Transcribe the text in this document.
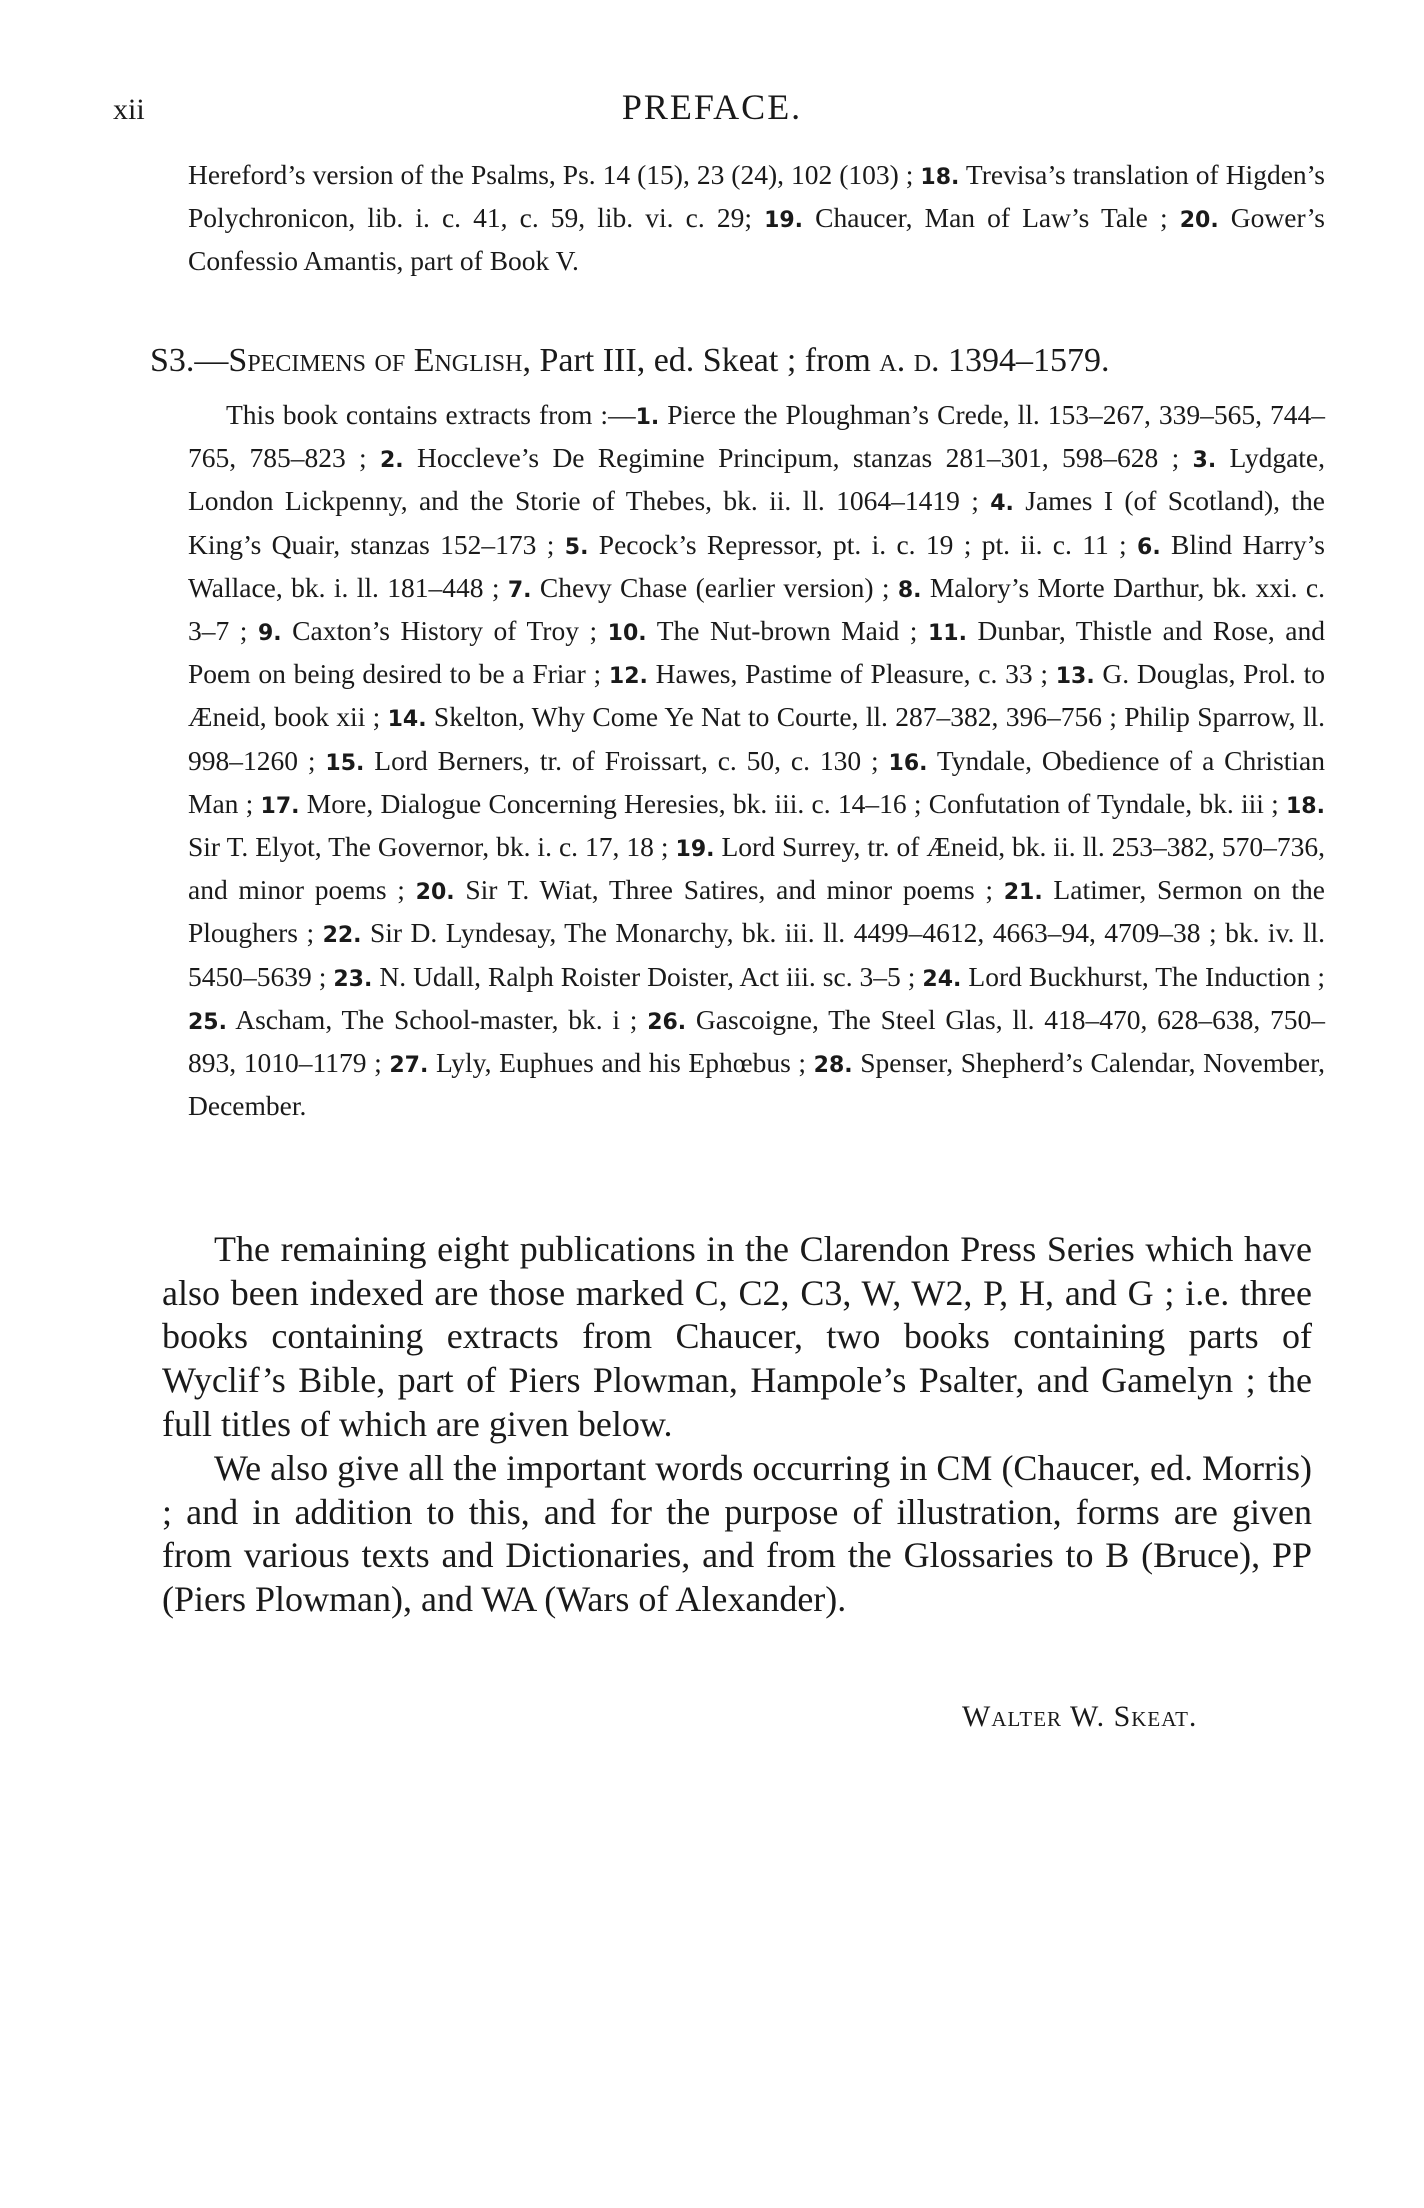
xii	PREFACE.
Hereford’s version of the Psalms, Ps. 14 (15), 23 (24), 102 (103) ; 18. Trevisa’s translation of Higden’s Polychronicon, lib. i. c. 41, c. 59, lib. vi. c. 29; 19. Chaucer, Man of Law’s Tale ; 20. Gower’s Confessio Amantis, part of Book V.
S3.—Specimens of English, Part III, ed. Skeat ; from a. d. 1394–1579.
This book contains extracts from :—1. Pierce the Ploughman’s Crede, ll. 153–267, 339–565, 744–765, 785–823 ; 2. Hoccleve’s De Regimine Principum, stanzas 281–301, 598–628 ; 3. Lydgate, London Lickpenny, and the Storie of Thebes, bk. ii. ll. 1064–1419 ; 4. James I (of Scotland), the King’s Quair, stanzas 152–173 ; 5. Pecock’s Repressor, pt. i. c. 19 ; pt. ii. c. 11 ; 6. Blind Harry’s Wallace, bk. i. ll. 181–448 ; 7. Chevy Chase (earlier version) ; 8. Malory’s Morte Darthur, bk. xxi. c. 3–7 ; 9. Caxton’s History of Troy ; 10. The Nut-brown Maid ; 11. Dunbar, Thistle and Rose, and Poem on being desired to be a Friar ; 12. Hawes, Pastime of Pleasure, c. 33 ; 13. G. Douglas, Prol. to Æneid, book xii ; 14. Skelton, Why Come Ye Nat to Courte, ll. 287–382, 396–756 ; Philip Sparrow, ll. 998–1260 ; 15. Lord Berners, tr. of Froissart, c. 50, c. 130 ; 16. Tyndale, Obedience of a Christian Man ; 17. More, Dialogue Concerning Heresies, bk. iii. c. 14–16 ; Confutation of Tyndale, bk. iii ; 18. Sir T. Elyot, The Governor, bk. i. c. 17, 18 ; 19. Lord Surrey, tr. of Æneid, bk. ii. ll. 253–382, 570–736, and minor poems ; 20. Sir T. Wiat, Three Satires, and minor poems ; 21. Latimer, Sermon on the Ploughers ; 22. Sir D. Lyndesay, The Monarchy, bk. iii. ll. 4499–4612, 4663–94, 4709–38 ; bk. iv. ll. 5450–5639 ; 23. N. Udall, Ralph Roister Doister, Act iii. sc. 3–5 ; 24. Lord Buckhurst, The Induction ; 25. Ascham, The School-master, bk. i ; 26. Gascoigne, The Steel Glas, ll. 418–470, 628–638, 750–893, 1010–1179 ; 27. Lyly, Euphues and his Ephœbus ; 28. Spenser, Shepherd’s Calendar, November, December.

The remaining eight publications in the Clarendon Press Series which have also been indexed are those marked C, C2, C3, W, W2, P, H, and G ; i.e. three books containing extracts from Chaucer, two books containing parts of Wyclif’s Bible, part of Piers Plowman, Hampole’s Psalter, and Gamelyn ; the full titles of which are given below.

We also give all the important words occurring in CM (Chaucer, ed. Morris) ; and in addition to this, and for the purpose of illustration, forms are given from various texts and Dictionaries, and from the Glossaries to B (Bruce), PP (Piers Plowman), and WA (Wars of Alexander).

Walter W. Skeat.
